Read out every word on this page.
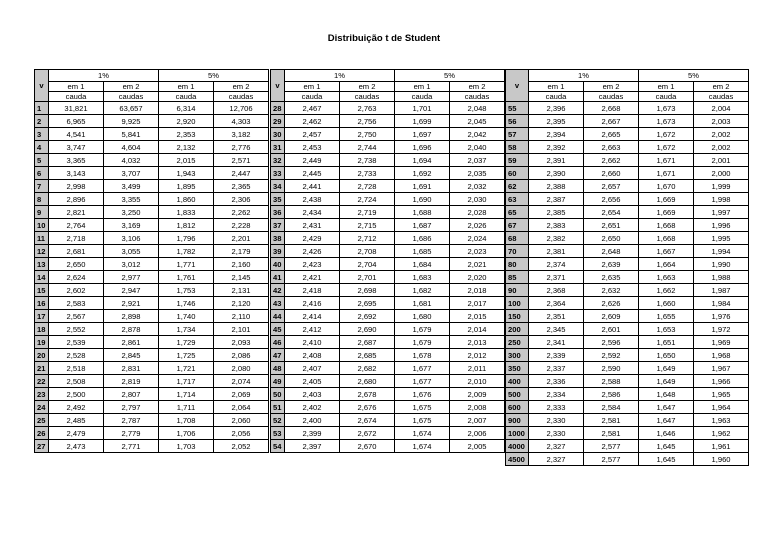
Distribuição t de Student
v	1%		5%	
	em 1	em 2	em 1	em 2
	cauda	caudas	cauda	caudas
1	31,821	63,657	6,314	12,706
2	6,965	9,925	2,920	4,303
3	4,541	5,841	2,353	3,182
4	3,747	4,604	2,132	2,776
5	3,365	4,032	2,015	2,571
6	3,143	3,707	1,943	2,447
7	2,998	3,499	1,895	2,365
8	2,896	3,355	1,860	2,306
9	2,821	3,250	1,833	2,262
10	2,764	3,169	1,812	2,228
11	2,718	3,106	1,796	2,201
12	2,681	3,055	1,782	2,179
13	2,650	3,012	1,771	2,160
14	2,624	2,977	1,761	2,145
15	2,602	2,947	1,753	2,131
16	2,583	2,921	1,746	2,120
17	2,567	2,898	1,740	2,110
18	2,552	2,878	1,734	2,101
19	2,539	2,861	1,729	2,093
20	2,528	2,845	1,725	2,086
21	2,518	2,831	1,721	2,080
22	2,508	2,819	1,717	2,074
23	2,500	2,807	1,714	2,069
24	2,492	2,797	1,711	2,064
25	2,485	2,787	1,708	2,060
26	2,479	2,779	1,706	2,056
27	2,473	2,771	1,703	2,052
v	1%		5%	
	em 1	em 2	em 1	em 2
	cauda	caudas	cauda	caudas
28	2,467	2,763	1,701	2,048
29	2,462	2,756	1,699	2,045
30	2,457	2,750	1,697	2,042
31	2,453	2,744	1,696	2,040
32	2,449	2,738	1,694	2,037
33	2,445	2,733	1,692	2,035
34	2,441	2,728	1,691	2,032
35	2,438	2,724	1,690	2,030
36	2,434	2,719	1,688	2,028
37	2,431	2,715	1,687	2,026
38	2,429	2,712	1,686	2,024
39	2,426	2,708	1,685	2,023
40	2,423	2,704	1,684	2,021
41	2,421	2,701	1,683	2,020
42	2,418	2,698	1,682	2,018
43	2,416	2,695	1,681	2,017
44	2,414	2,692	1,680	2,015
45	2,412	2,690	1,679	2,014
46	2,410	2,687	1,679	2,013
47	2,408	2,685	1,678	2,012
48	2,407	2,682	1,677	2,011
49	2,405	2,680	1,677	2,010
50	2,403	2,678	1,676	2,009
51	2,402	2,676	1,675	2,008
52	2,400	2,674	1,675	2,007
53	2,399	2,672	1,674	2,006
54	2,397	2,670	1,674	2,005
v	1%		5%	
	em 1	em 2	em 1	em 2
	cauda	caudas	cauda	caudas
55	2,396	2,668	1,673	2,004
56	2,395	2,667	1,673	2,003
57	2,394	2,665	1,672	2,002
58	2,392	2,663	1,672	2,002
59	2,391	2,662	1,671	2,001
60	2,390	2,660	1,671	2,000
62	2,388	2,657	1,670	1,999
63	2,387	2,656	1,669	1,998
65	2,385	2,654	1,669	1,997
67	2,383	2,651	1,668	1,996
68	2,382	2,650	1,668	1,995
70	2,381	2,648	1,667	1,994
80	2,374	2,639	1,664	1,990
85	2,371	2,635	1,663	1,988
90	2,368	2,632	1,662	1,987
100	2,364	2,626	1,660	1,984
150	2,351	2,609	1,655	1,976
200	2,345	2,601	1,653	1,972
250	2,341	2,596	1,651	1,969
300	2,339	2,592	1,650	1,968
350	2,337	2,590	1,649	1,967
400	2,336	2,588	1,649	1,966
500	2,334	2,586	1,648	1,965
600	2,333	2,584	1,647	1,964
900	2,330	2,581	1,647	1,963
1000	2,330	2,581	1,646	1,962
4000	2,327	2,577	1,645	1,961
4500	2,327	2,577	1,645	1,960
